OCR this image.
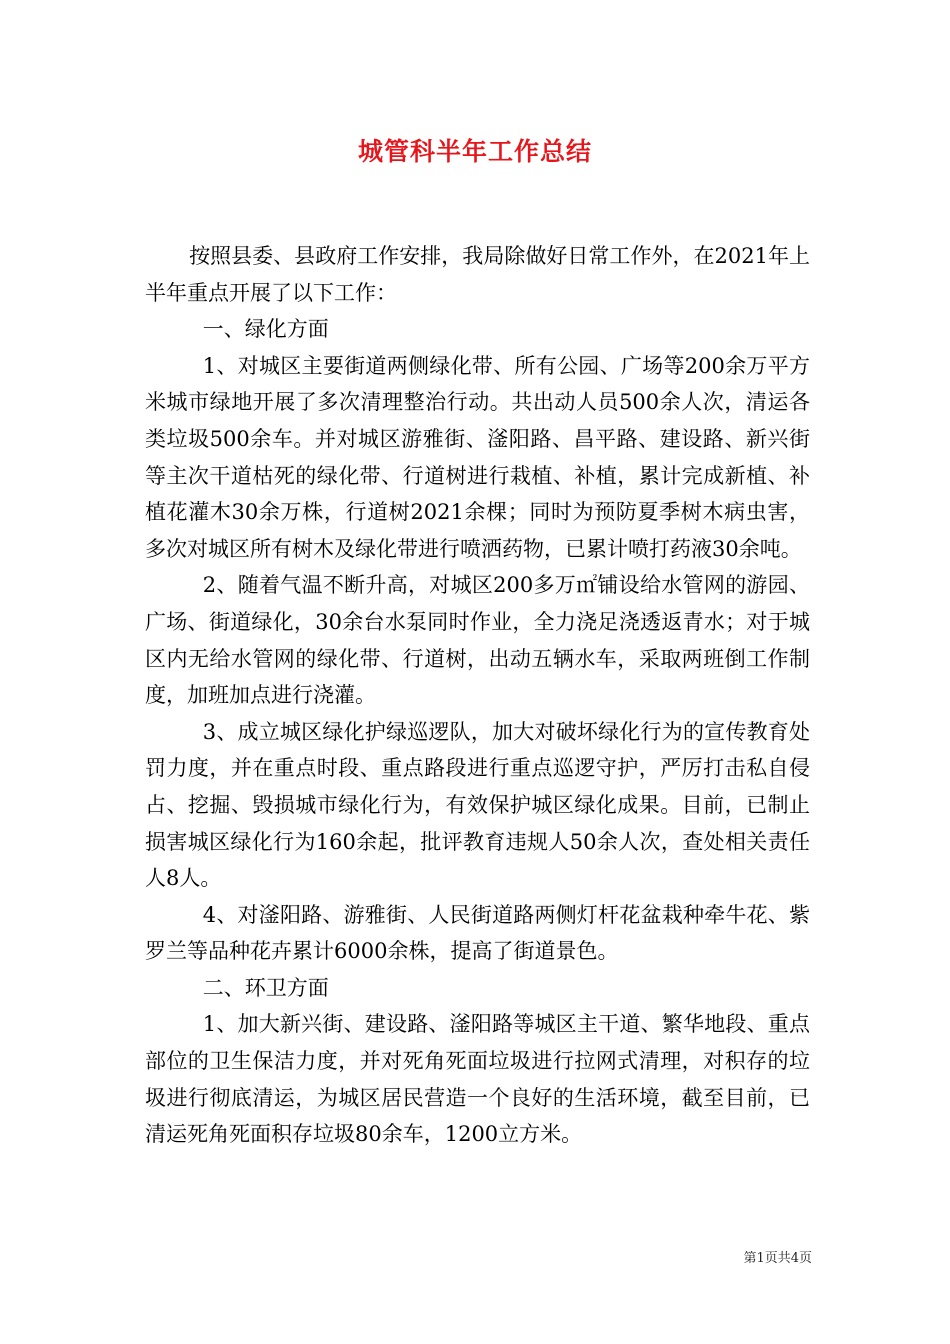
城管科半年工作总结

按照县委、县政府工作安排，我局除做好日常工作外，在2021年上半年重点开展了以下工作：

一、绿化方面

1、对城区主要街道两侧绿化带、所有公园、广场等200余万平方米城市绿地开展了多次清理整治行动。共出动人员500余人次，清运各类垃圾500余车。并对城区游雅街、滏阳路、昌平路、建设路、新兴街等主次干道枯死的绿化带、行道树进行栽植、补植，累计完成新植、补植花灌木30余万株，行道树2021余棵；同时为预防夏季树木病虫害，多次对城区所有树木及绿化带进行喷洒药物，已累计喷打药液30余吨。

2、随着气温不断升高，对城区200多万㎡铺设给水管网的游园、广场、街道绿化，30余台水泵同时作业，全力浇足浇透返青水；对于城区内无给水管网的绿化带、行道树，出动五辆水车，采取两班倒工作制度，加班加点进行浇灌。

3、成立城区绿化护绿巡逻队，加大对破坏绿化行为的宣传教育处罚力度，并在重点时段、重点路段进行重点巡逻守护，严厉打击私自侵占、挖掘、毁损城市绿化行为，有效保护城区绿化成果。目前，已制止损害城区绿化行为160余起，批评教育违规人50余人次，查处相关责任人8人。

4、对滏阳路、游雅街、人民街道路两侧灯杆花盆栽种牵牛花、紫罗兰等品种花卉累计6000余株，提高了街道景色。

二、环卫方面

1、加大新兴街、建设路、滏阳路等城区主干道、繁华地段、重点部位的卫生保洁力度，并对死角死面垃圾进行拉网式清理，对积存的垃圾进行彻底清运，为城区居民营造一个良好的生活环境，截至目前，已清运死角死面积存垃圾80余车，1200立方米。

第1页共4页
